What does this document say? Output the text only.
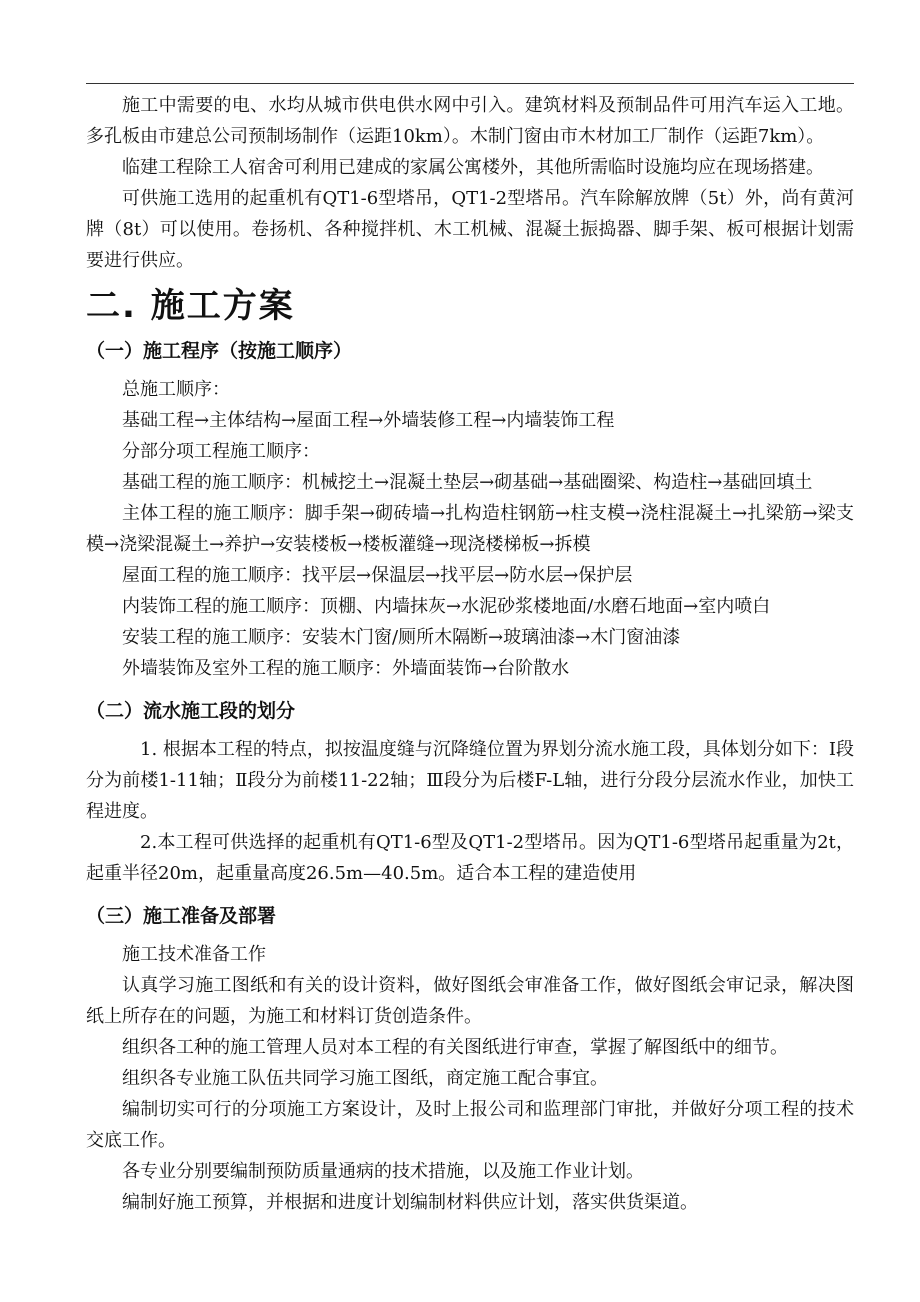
施工中需要的电、水均从城市供电供水网中引入。建筑材料及预制品件可用汽车运入工地。多孔板由市建总公司预制场制作（运距10km）。木制门窗由市木材加工厂制作（运距7km）。

临建工程除工人宿舍可利用已建成的家属公寓楼外，其他所需临时设施均应在现场搭建。

可供施工选用的起重机有QT1-6型塔吊，QT1-2型塔吊。汽车除解放牌（5t）外，尚有黄河牌（8t）可以使用。卷扬机、各种搅拌机、木工机械、混凝土振捣器、脚手架、板可根据计划需要进行供应。

二. 施工方案
（一）施工程序（按施工顺序）

总施工顺序：

基础工程→主体结构→屋面工程→外墙装修工程→内墙装饰工程

分部分项工程施工顺序：

基础工程的施工顺序：机械挖土→混凝土垫层→砌基础→基础圈梁、构造柱→基础回填土

主体工程的施工顺序：脚手架→砌砖墙→扎构造柱钢筋→柱支模→浇柱混凝土→扎梁筋→梁支模→浇梁混凝土→养护→安装楼板→楼板灌缝→现浇楼梯板→拆模

屋面工程的施工顺序：找平层→保温层→找平层→防水层→保护层

内装饰工程的施工顺序：顶棚、内墙抹灰→水泥砂浆楼地面/水磨石地面→室内喷白

安装工程的施工顺序：安装木门窗/厕所木隔断→玻璃油漆→木门窗油漆

外墙装饰及室外工程的施工顺序：外墙面装饰→台阶散水

（二）流水施工段的划分

1. 根据本工程的特点，拟按温度缝与沉降缝位置为界划分流水施工段，具体划分如下：Ⅰ段分为前楼1-11轴；Ⅱ段分为前楼11-22轴；Ⅲ段分为后楼F-L轴，进行分段分层流水作业，加快工程进度。

2.本工程可供选择的起重机有QT1-6型及QT1-2型塔吊。因为QT1-6型塔吊起重量为2t，起重半径20m，起重量高度26.5m—40.5m。适合本工程的建造使用

（三）施工准备及部署

施工技术准备工作

认真学习施工图纸和有关的设计资料，做好图纸会审准备工作，做好图纸会审记录，解决图纸上所存在的问题，为施工和材料订货创造条件。

组织各工种的施工管理人员对本工程的有关图纸进行审查，掌握了解图纸中的细节。

组织各专业施工队伍共同学习施工图纸，商定施工配合事宜。

编制切实可行的分项施工方案设计，及时上报公司和监理部门审批，并做好分项工程的技术交底工作。

各专业分别要编制预防质量通病的技术措施，以及施工作业计划。

编制好施工预算，并根据和进度计划编制材料供应计划，落实供货渠道。
